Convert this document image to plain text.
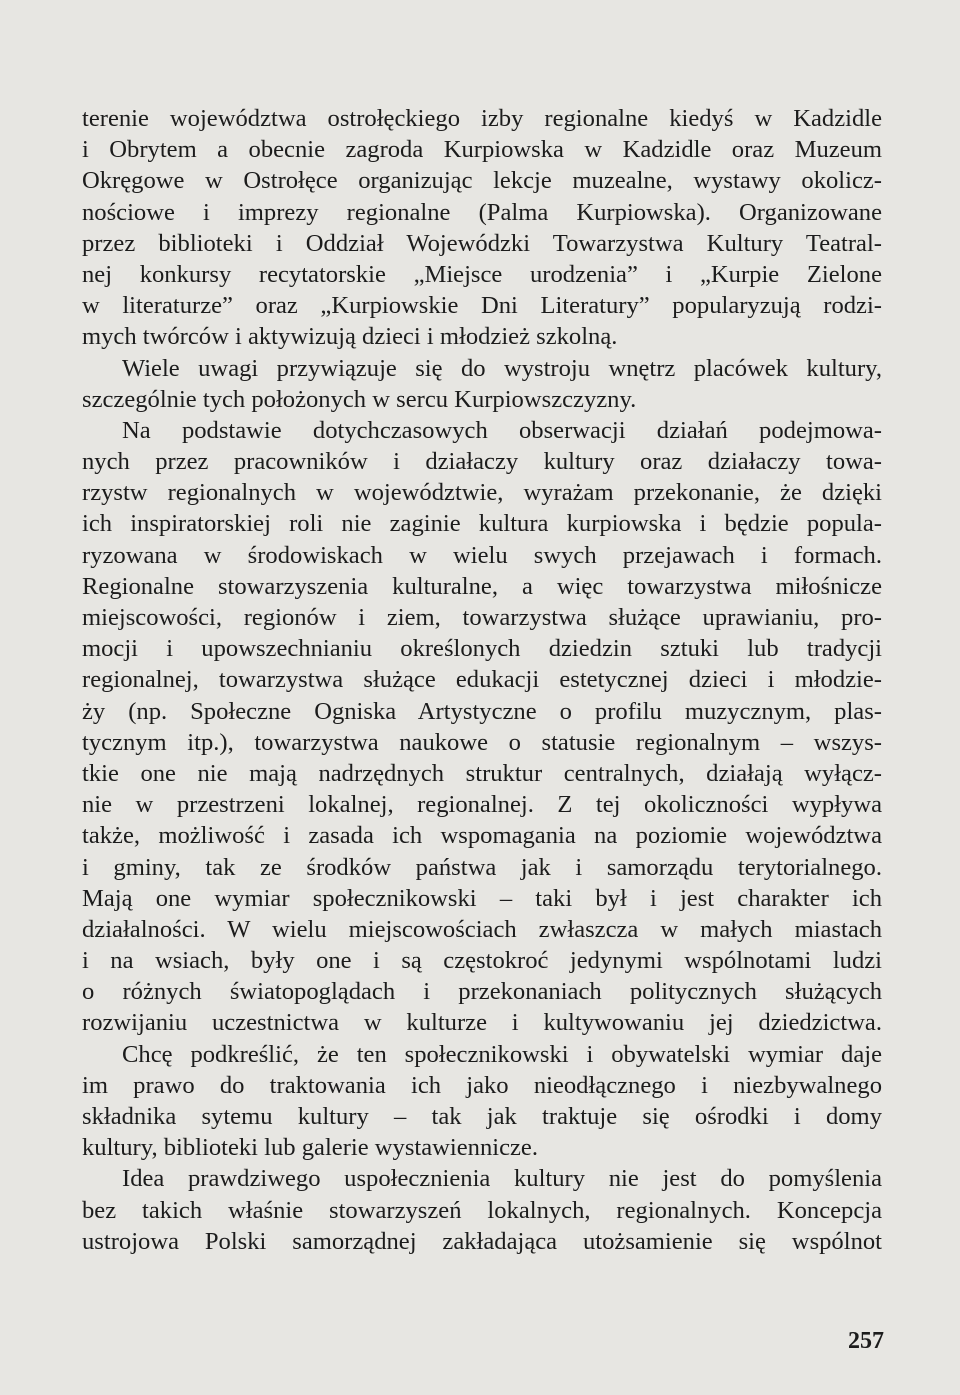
terenie województwa ostrołęckiego izby regionalne kiedyś w Kadzidle
i Obrytem a obecnie zagroda Kurpiowska w Kadzidle oraz Muzeum
Okręgowe w Ostrołęce organizując lekcje muzealne, wystawy okolicz-
nościowe i imprezy regionalne (Palma Kurpiowska). Organizowane
przez biblioteki i Oddział Wojewódzki Towarzystwa Kultury Teatral-
nej konkursy recytatorskie „Miejsce urodzenia” i „Kurpie Zielone
w literaturze” oraz „Kurpiowskie Dni Literatury” popularyzują rodzi-
mych twórców i aktywizują dzieci i młodzież szkolną.
Wiele uwagi przywiązuje się do wystroju wnętrz placówek kultury,
szczególnie tych położonych w sercu Kurpiowszczyzny.
Na podstawie dotychczasowych obserwacji działań podejmowa-
nych przez pracowników i działaczy kultury oraz działaczy towa-
rzystw regionalnych w województwie, wyrażam przekonanie, że dzięki
ich inspiratorskiej roli nie zaginie kultura kurpiowska i będzie popula-
ryzowana w środowiskach w wielu swych przejawach i formach.
Regionalne stowarzyszenia kulturalne, a więc towarzystwa miłośnicze
miejscowości, regionów i ziem, towarzystwa służące uprawianiu, pro-
mocji i upowszechnianiu określonych dziedzin sztuki lub tradycji
regionalnej, towarzystwa służące edukacji estetycznej dzieci i młodzie-
ży (np. Społeczne Ogniska Artystyczne o profilu muzycznym, plas-
tycznym itp.), towarzystwa naukowe o statusie regionalnym – wszys-
tkie one nie mają nadrzędnych struktur centralnych, działają wyłącz-
nie w przestrzeni lokalnej, regionalnej. Z tej okoliczności wypływa
także, możliwość i zasada ich wspomagania na poziomie województwa
i gminy, tak ze środków państwa jak i samorządu terytorialnego.
Mają one wymiar społecznikowski – taki był i jest charakter ich
działalności. W wielu miejscowościach zwłaszcza w małych miastach
i na wsiach, były one i są częstokroć jedynymi wspólnotami ludzi
o różnych światopoglądach i przekonaniach politycznych służących
rozwijaniu uczestnictwa w kulturze i kultywowaniu jej dziedzictwa.
Chcę podkreślić, że ten społecznikowski i obywatelski wymiar daje
im prawo do traktowania ich jako nieodłącznego i niezbywalnego
składnika sytemu kultury – tak jak traktuje się ośrodki i domy
kultury, biblioteki lub galerie wystawiennicze.
Idea prawdziwego uspołecznienia kultury nie jest do pomyślenia
bez takich właśnie stowarzyszeń lokalnych, regionalnych. Koncepcja
ustrojowa Polski samorządnej zakładająca utożsamienie się wspólnot
257
